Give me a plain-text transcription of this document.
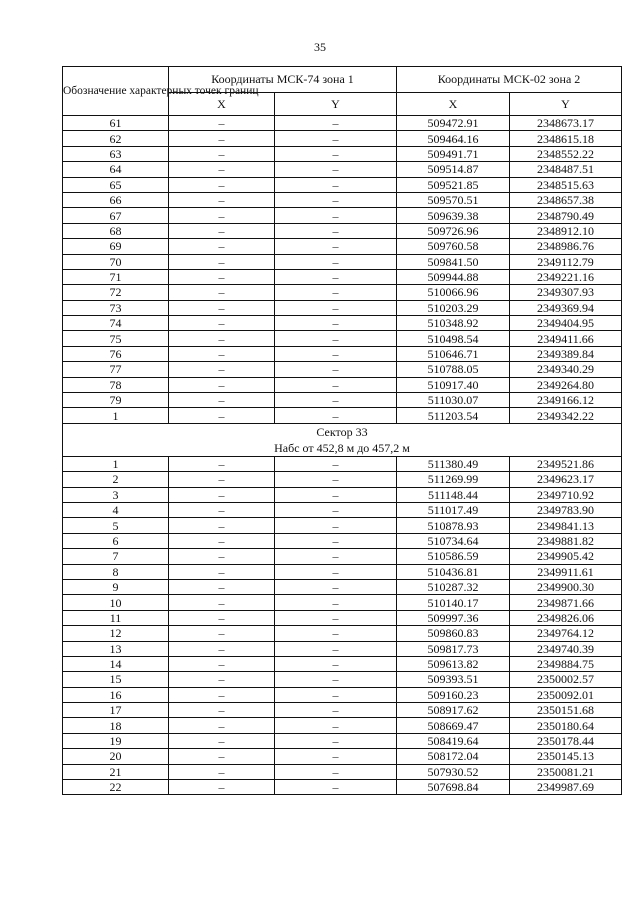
35
Обозначение характерных точек границ	Координаты МСК-74 зона 1		Координаты МСК-02 зона 2	
	X	Y	X	Y
61	–	–	509472.91	2348673.17
62	–	–	509464.16	2348615.18
63	–	–	509491.71	2348552.22
64	–	–	509514.87	2348487.51
65	–	–	509521.85	2348515.63
66	–	–	509570.51	2348657.38
67	–	–	509639.38	2348790.49
68	–	–	509726.96	2348912.10
69	–	–	509760.58	2348986.76
70	–	–	509841.50	2349112.79
71	–	–	509944.88	2349221.16
72	–	–	510066.96	2349307.93
73	–	–	510203.29	2349369.94
74	–	–	510348.92	2349404.95
75	–	–	510498.54	2349411.66
76	–	–	510646.71	2349389.84
77	–	–	510788.05	2349340.29
78	–	–	510917.40	2349264.80
79	–	–	511030.07	2349166.12
1	–	–	511203.54	2349342.22
Сектор 33
Набс от 452,8 м до 457,2 м				
1	–	–	511380.49	2349521.86
2	–	–	511269.99	2349623.17
3	–	–	511148.44	2349710.92
4	–	–	511017.49	2349783.90
5	–	–	510878.93	2349841.13
6	–	–	510734.64	2349881.82
7	–	–	510586.59	2349905.42
8	–	–	510436.81	2349911.61
9	–	–	510287.32	2349900.30
10	–	–	510140.17	2349871.66
11	–	–	509997.36	2349826.06
12	–	–	509860.83	2349764.12
13	–	–	509817.73	2349740.39
14	–	–	509613.82	2349884.75
15	–	–	509393.51	2350002.57
16	–	–	509160.23	2350092.01
17	–	–	508917.62	2350151.68
18	–	–	508669.47	2350180.64
19	–	–	508419.64	2350178.44
20	–	–	508172.04	2350145.13
21	–	–	507930.52	2350081.21
22	–	–	507698.84	2349987.69
